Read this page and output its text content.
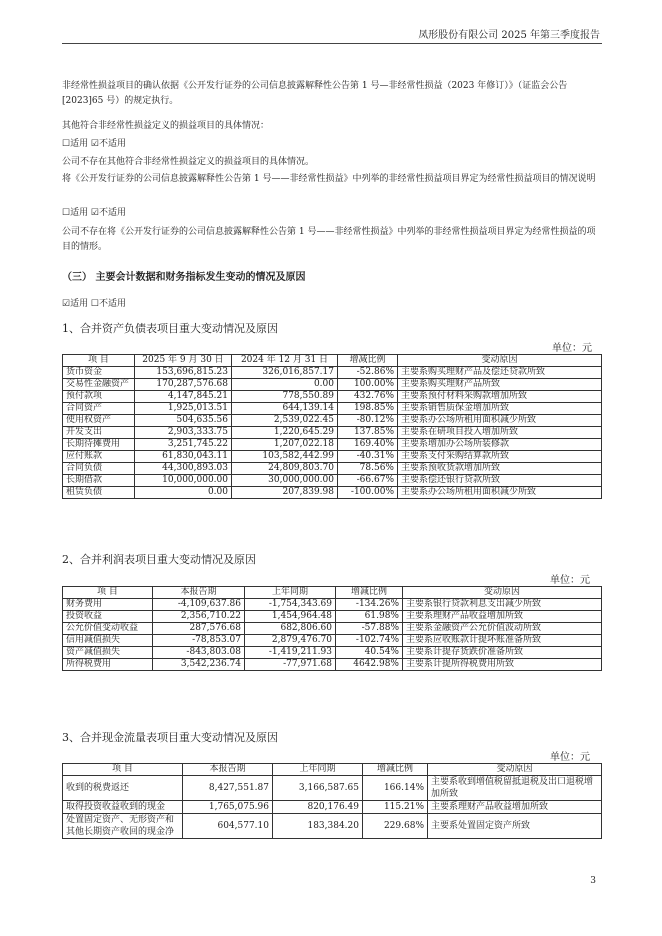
凤形股份有限公司 2025 年第三季度报告
非经常性损益项目的确认依据《公开发行证券的公司信息披露解释性公告第 1 号—非经常性损益（2023 年修订）》（证监会公告[2023]65 号）的规定执行。
其他符合非经常性损益定义的损益项目的具体情况：
☐适用 ☑不适用
公司不存在其他符合非经常性损益定义的损益项目的具体情况。
将《公开发行证券的公司信息披露解释性公告第 1 号——非经常性损益》中列举的非经常性损益项目界定为经常性损益项目的情况说明
☐适用 ☑不适用
公司不存在将《公开发行证券的公司信息披露解释性公告第 1 号——非经常性损益》中列举的非经常性损益项目界定为经常性损益的项目的情形。
（三） 主要会计数据和财务指标发生变动的情况及原因
☑适用 ☐不适用
1、合并资产负债表项目重大变动情况及原因
单位：元
项 目	2025 年 9 月 30 日	2024 年 12 月 31 日	增减比例	变动原因
货币资金	153,696,815.23	326,016,857.17	-52.86%	主要系购买理财产品及偿还贷款所致
交易性金融资产	170,287,576.68	0.00	100.00%	主要系购买理财产品所致
预付款项	4,147,845.21	778,550.89	432.76%	主要系预付材料采购款增加所致
合同资产	1,925,013.51	644,139.14	198.85%	主要系销售质保金增加所致
使用权资产	504,635.56	2,539,022.45	-80.12%	主要系办公场所租用面积减少所致
开发支出	2,903,333.75	1,220,645.29	137.85%	主要系在研项目投入增加所致
长期待摊费用	3,251,745.22	1,207,022.18	169.40%	主要系增加办公场所装修款
应付账款	61,830,043.11	103,582,442.99	-40.31%	主要系支付采购结算款所致
合同负债	44,300,893.03	24,809,803.70	78.56%	主要系预收货款增加所致
长期借款	10,000,000.00	30,000,000.00	-66.67%	主要系偿还银行贷款所致
租赁负债	0.00	207,839.98	-100.00%	主要系办公场所租用面积减少所致
2、合并利润表项目重大变动情况及原因
单位：元
项 目	本报告期	上年同期	增减比例	变动原因
财务费用	-4,109,637.86	-1,754,343.69	-134.26%	主要系银行贷款利息支出减少所致
投资收益	2,356,710.22	1,454,964.48	61.98%	主要系理财产品收益增加所致
公允价值变动收益	287,576.68	682,806.60	-57.88%	主要系金融资产公允价值波动所致
信用减值损失	-78,853.07	2,879,476.70	-102.74%	主要系应收账款计提坏账准备所致
资产减值损失	-843,803.08	-1,419,211.93	40.54%	主要系计提存货跌价准备所致
所得税费用	3,542,236.74	-77,971.68	4642.98%	主要系计提所得税费用所致
3、合并现金流量表项目重大变动情况及原因
单位：元
项 目	本报告期	上年同期	增减比例	变动原因
收到的税费返还	8,427,551.87	3,166,587.65	166.14%	主要系收到增值税留抵退税及出口退税增加所致
取得投资收益收到的现金	1,765,075.96	820,176.49	115.21%	主要系理财产品收益增加所致
处置固定资产、无形资产和其他长期资产收回的现金净	604,577.10	183,384.20	229.68%	主要系处置固定资产所致
3
